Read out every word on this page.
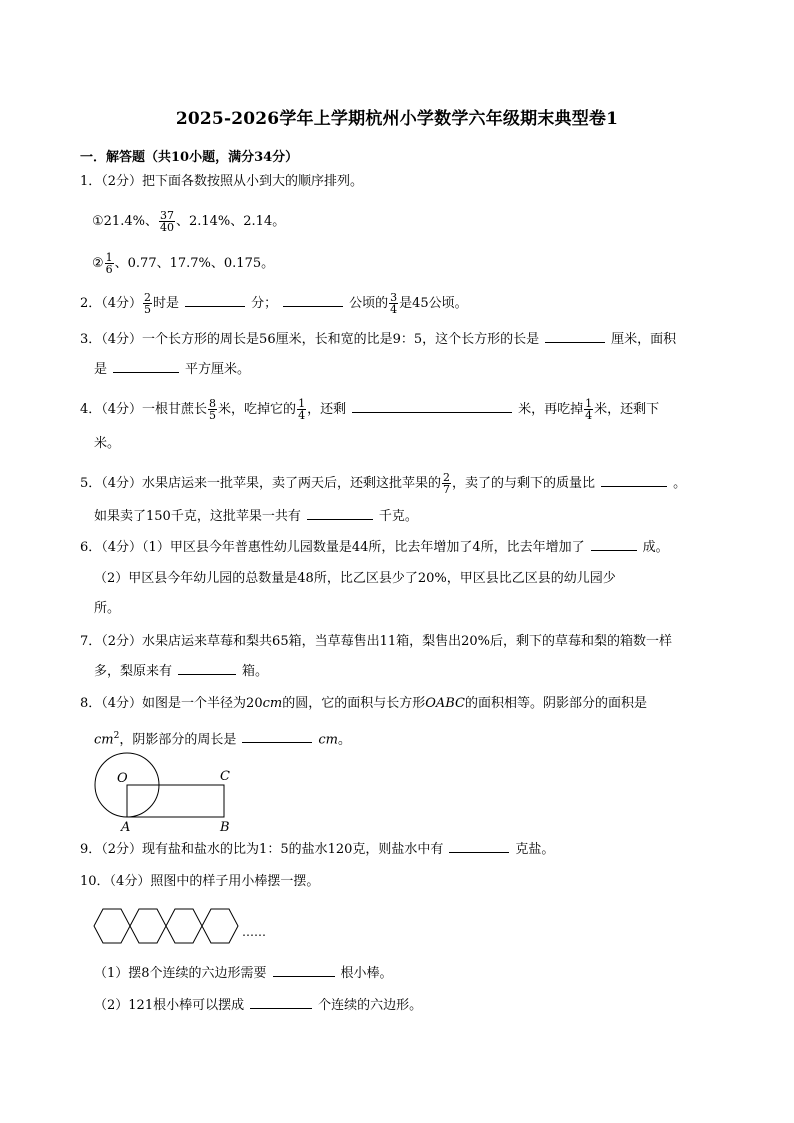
2025-2026学年上学期杭州小学数学六年级期末典型卷1
一．解答题（共10小题，满分34分）
1．（2分）把下面各数按照从小到大的顺序排列。
①21.4%、 $\frac{37}{40}$ 、2.14%、2.14。
② $\frac{1}{6}$ 、0.77、17.7%、0.175。
2．（4分） $\frac{2}{5}$ 时是	分；	公顷的 $\frac{3}{4}$ 是45公顷。
3．（4分）一个长方形的周长是56厘米，长和宽的比是9：5，这个长方形的长是	厘米，面积
是	平方厘米。
4．（4分）一根甘蔗长 $\frac{8}{5}$ 米，吃掉它的 $\frac{1}{4}$ ，还剩	米，再吃掉 $\frac{1}{4}$ 米，还剩下
米。
5．（4分）水果店运来一批苹果，卖了两天后，还剩这批苹果的 $\frac{2}{7}$ ，卖了的与剩下的质量比	。
如果卖了150千克，这批苹果一共有	千克。
6．（4分）（1）甲区县今年普惠性幼儿园数量是44所，比去年增加了4所，比去年增加了	成。
（2）甲区县今年幼儿园的总数量是48所，比乙区县少了20%，甲区县比乙区县的幼儿园少
所。
7．（2分）水果店运来草莓和梨共65箱，当草莓售出11箱，梨售出20%后，剩下的草莓和梨的箱数一样
多，梨原来有	箱。
8．（4分）如图是一个半径为20cm的圆，它的面积与长方形OABC的面积相等。阴影部分的面积是
$cm^2$，阴影部分的周长是	cm。
O	C
A	B
9．（2分）现有盐和盐水的比为1：5的盐水120克，则盐水中有	克盐。
10．（4分）照图中的样子用小棒摆一摆。
……
（1）摆8个连续的六边形需要	根小棒。
（2）121根小棒可以摆成	个连续的六边形。
